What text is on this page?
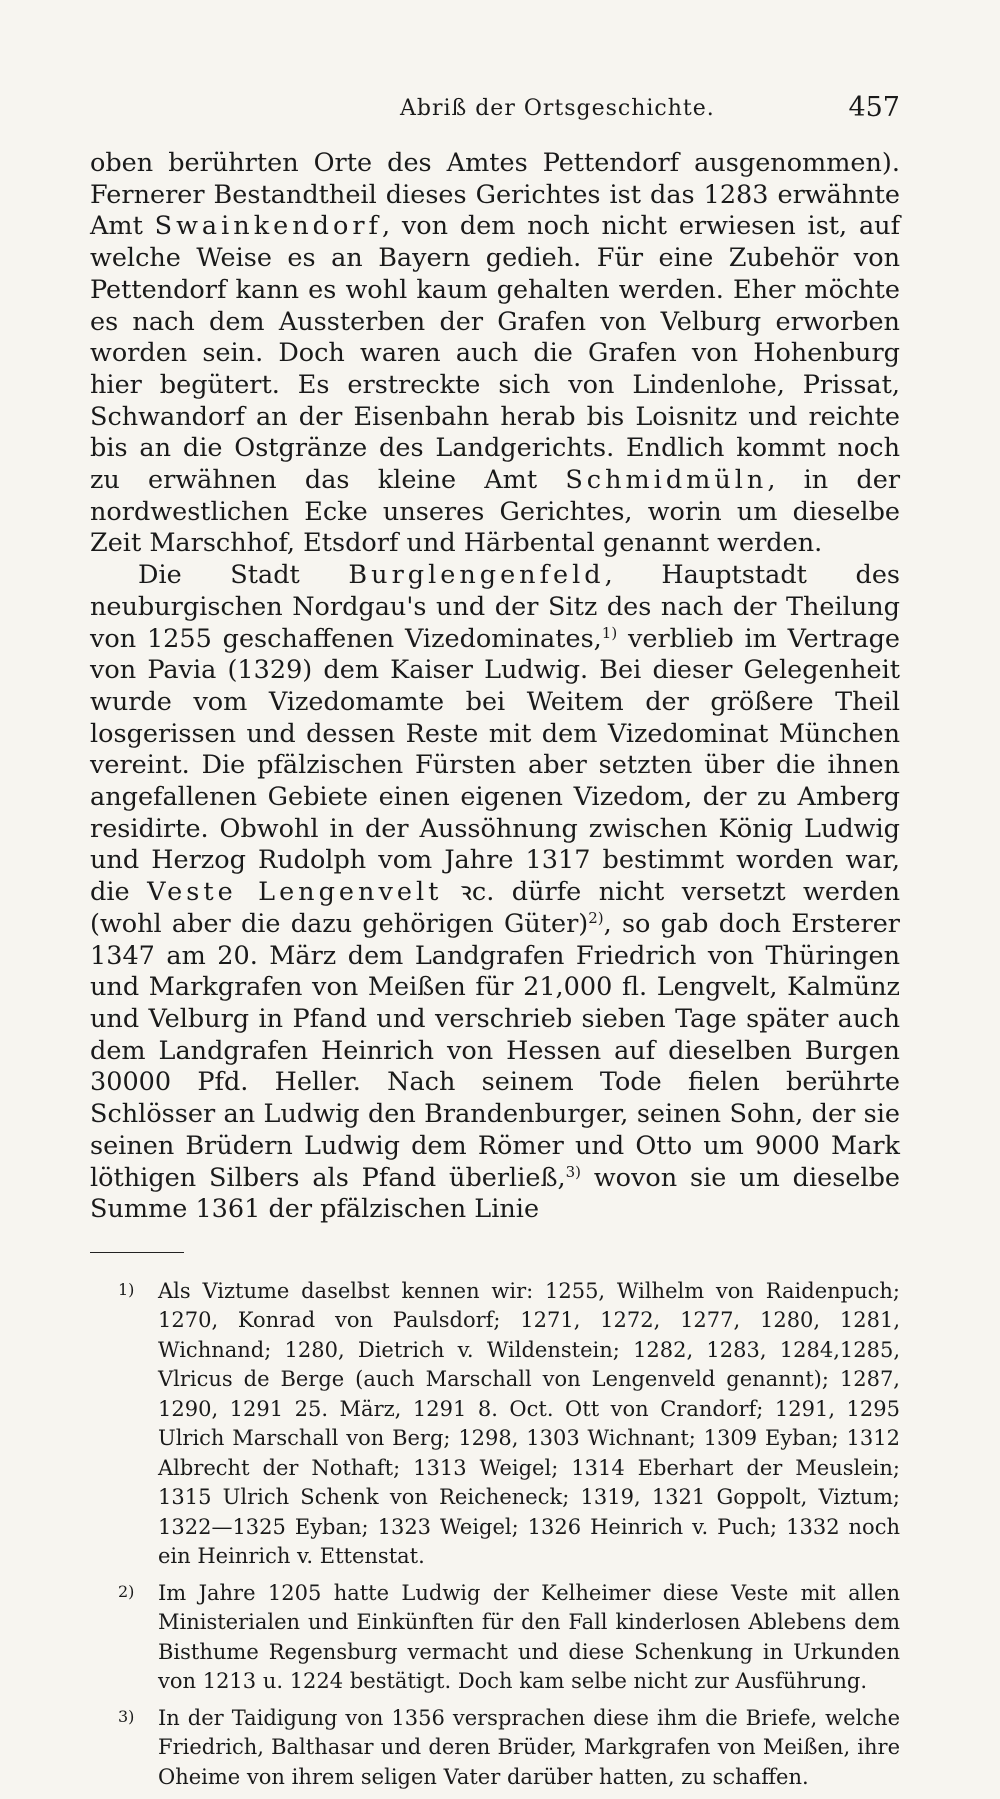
Abriß der Ortsgeschichte.	457

oben berührten Orte des Amtes Pettendorf ausgenommen). Fernerer Bestandtheil dieses Gerichtes ist das 1283 erwähnte Amt Swainkendorf, von dem noch nicht erwiesen ist, auf welche Weise es an Bayern gedieh. Für eine Zubehör von Pettendorf kann es wohl kaum gehalten werden. Eher möchte es nach dem Aussterben der Grafen von Velburg erworben worden sein. Doch waren auch die Grafen von Hohenburg hier begütert. Es erstreckte sich von Lindenlohe, Prissat, Schwandorf an der Eisenbahn herab bis Loisnitz und reichte bis an die Ostgränze des Landgerichts. Endlich kommt noch zu erwähnen das kleine Amt Schmidmüln, in der nordwestlichen Ecke unseres Gerichtes, worin um dieselbe Zeit Marschhof, Etsdorf und Härbental genannt werden.

Die Stadt Burglengenfeld, Hauptstadt des neuburgischen Nordgau's und der Sitz des nach der Theilung von 1255 geschaffenen Vizedominates,$^{1)}$ verblieb im Vertrage von Pavia (1329) dem Kaiser Ludwig. Bei dieser Gelegenheit wurde vom Vizedomamte bei Weitem der größere Theil losgerissen und dessen Reste mit dem Vizedominat München vereint. Die pfälzischen Fürsten aber setzten über die ihnen angefallenen Gebiete einen eigenen Vizedom, der zu Amberg residirte. Obwohl in der Aussöhnung zwischen König Ludwig und Herzog Rudolph vom Jahre 1317 bestimmt worden war, die Veste Lengenvelt ꝛc. dürfe nicht versetzt werden (wohl aber die dazu gehörigen Güter)$^{2)}$, so gab doch Ersterer 1347 am 20. März dem Landgrafen Friedrich von Thüringen und Markgrafen von Meißen für 21,000 fl. Lengvelt, Kalmünz und Velburg in Pfand und verschrieb sieben Tage später auch dem Landgrafen Heinrich von Hessen auf dieselben Burgen 30000 Pfd. Heller. Nach seinem Tode fielen berührte Schlösser an Ludwig den Brandenburger, seinen Sohn, der sie seinen Brüdern Ludwig dem Römer und Otto um 9000 Mark löthigen Silbers als Pfand überließ,$^{3)}$ wovon sie um dieselbe Summe 1361 der pfälzischen Linie

1)	Als Viztume daselbst kennen wir: 1255, Wilhelm von Raidenpuch; 1270, Konrad von Paulsdorf; 1271, 1272, 1277, 1280, 1281, Wichnand; 1280, Dietrich v. Wildenstein; 1282, 1283, 1284,1285, Vlricus de Berge (auch Marschall von Lengenveld genannt); 1287, 1290, 1291 25. März, 1291 8. Oct. Ott von Crandorf; 1291, 1295 Ulrich Marschall von Berg; 1298, 1303 Wichnant; 1309 Eyban; 1312 Albrecht der Nothaft; 1313 Weigel; 1314 Eberhart der Meuslein; 1315 Ulrich Schenk von Reicheneck; 1319, 1321 Goppolt, Viztum; 1322—1325 Eyban; 1323 Weigel; 1326 Heinrich v. Puch; 1332 noch ein Heinrich v. Ettenstat.
2)	Im Jahre 1205 hatte Ludwig der Kelheimer diese Veste mit allen Ministerialen und Einkünften für den Fall kinderlosen Ablebens dem Bisthume Regensburg vermacht und diese Schenkung in Urkunden von 1213 u. 1224 bestätigt. Doch kam selbe nicht zur Ausführung.
3)	In der Taidigung von 1356 versprachen diese ihm die Briefe, welche Friedrich, Balthasar und deren Brüder, Markgrafen von Meißen, ihre Oheime von ihrem seligen Vater darüber hatten, zu schaffen.
